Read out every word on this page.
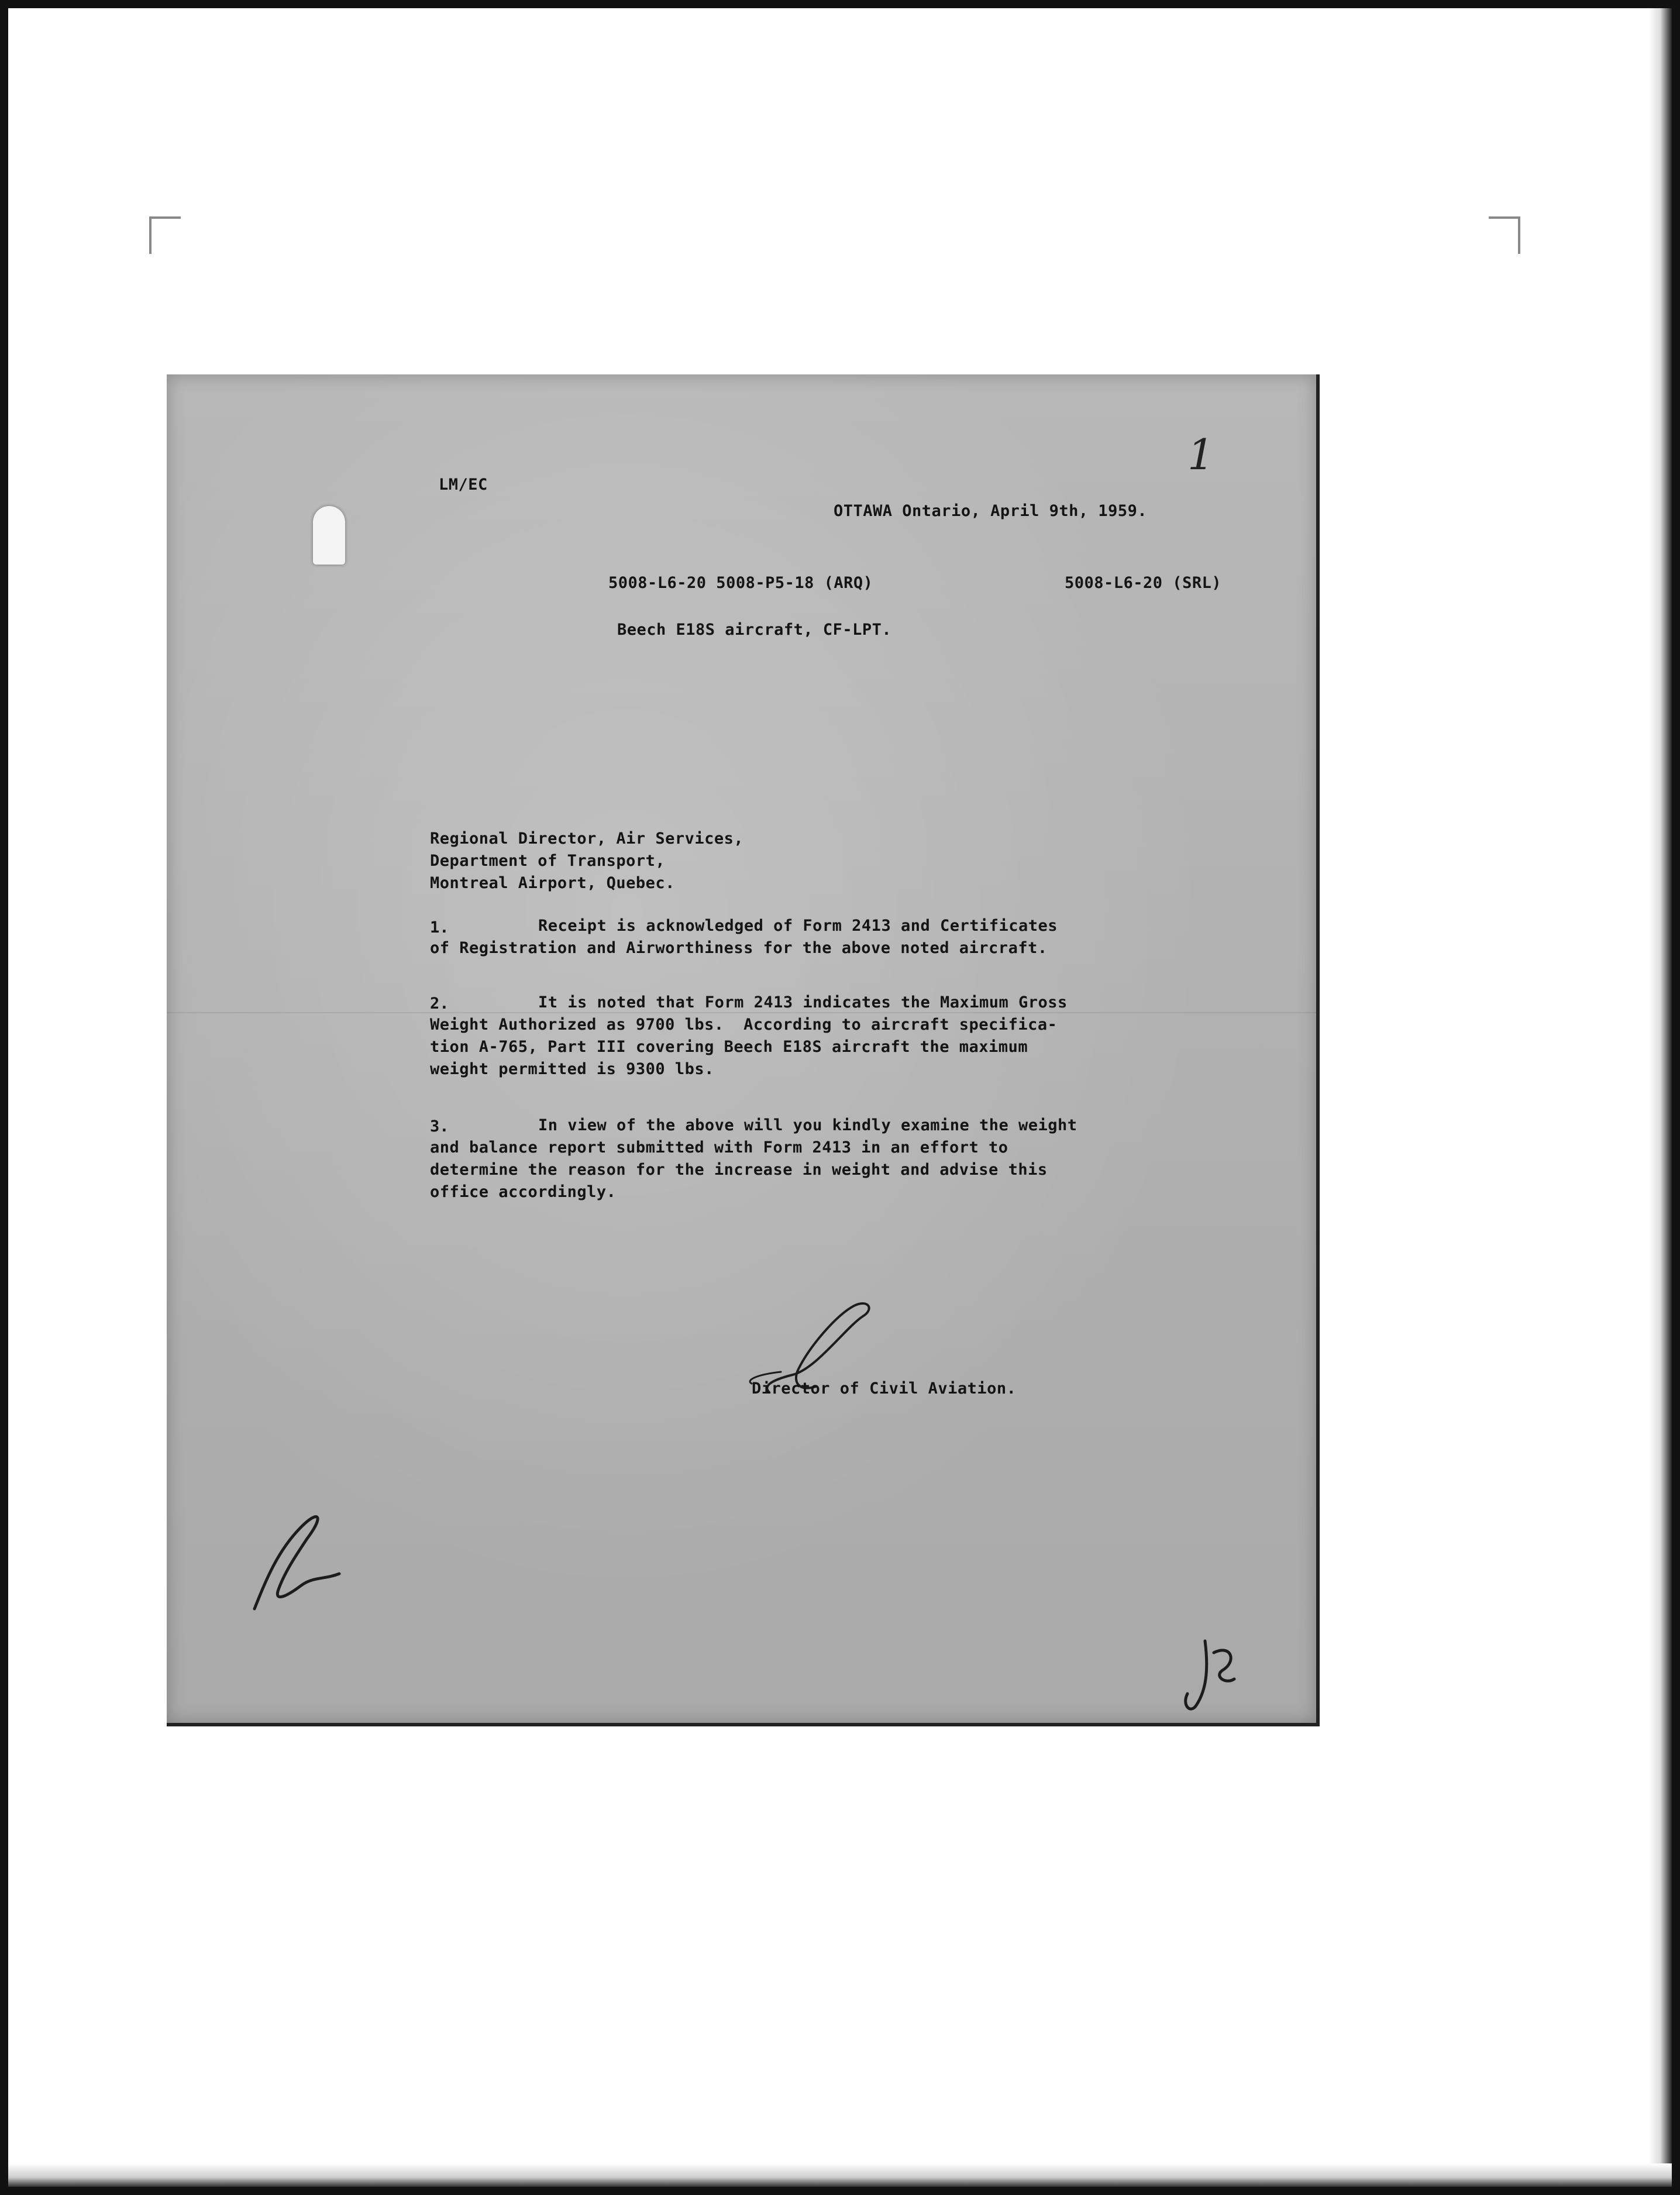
LM/EC
1
OTTAWA Ontario, April 9th, 1959.
5008-L6-20 5008-P5-18 (ARQ)	5008-L6-20 (SRL)
Beech E18S aircraft, CF-LPT.
Regional Director, Air Services,
Department of Transport,
Montreal Airport, Quebec.
1.	Receipt is acknowledged of Form 2413 and Certificates
of Registration and Airworthiness for the above noted aircraft.
2.	It is noted that Form 2413 indicates the Maximum Gross
Weight Authorized as 9700 lbs.  According to aircraft specifica-
tion A-765, Part III covering Beech E18S aircraft the maximum
weight permitted is 9300 lbs.
3.	In view of the above will you kindly examine the weight
and balance report submitted with Form 2413 in an effort to
determine the reason for the increase in weight and advise this
office accordingly.
Director of Civil Aviation.
